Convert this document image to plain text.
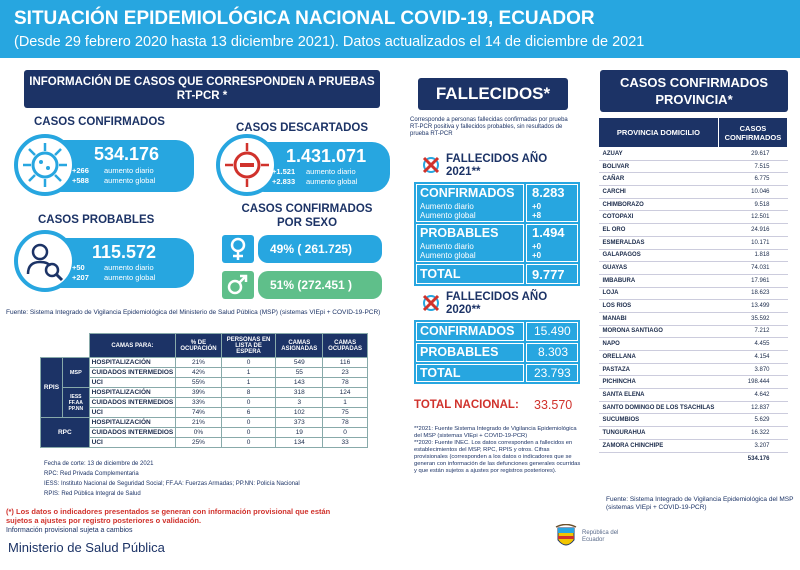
SITUACIÓN EPIDEMIOLÓGICA NACIONAL COVID-19, ECUADOR
(Desde 29 febrero 2020 hasta 13 diciembre 2021). Datos actualizados el 14 de diciembre de 2021
INFORMACIÓN DE CASOS QUE CORRESPONDEN A PRUEBAS RT-PCR *
CASOS CONFIRMADOS
534.176
+266
+588
aumento diario
aumento global
CASOS DESCARTADOS
1.431.071
+1.521
+2.833
aumento diario
aumento global
CASOS PROBABLES
115.572
+50
+207
aumento diario
aumento global
CASOS CONFIRMADOS POR SEXO
49% ( 261.725)
51% (272.451 )
Fuente: Sistema Integrado de Vigilancia Epidemiológica del Ministerio de Salud Pública (MSP) (sistemas VIEpi + COVID-19-PCR)
		CAMAS PARA:	% DE OCUPACIÓN	PERSONAS EN LISTA DE ESPERA	CAMAS ASIGNADAS	CAMAS OCUPADAS
RPIS	MSP	HOSPITALIZACIÓN	21%	0	549	116
		CUIDADOS INTERMEDIOS	42%	1	55	23
		UCI	55%	1	143	78
	IESS FF.AA PP.NN	HOSPITALIZACIÓN	39%	8	318	124
		CUIDADOS INTERMEDIOS	33%	0	3	1
		UCI	74%	6	102	75
RPC		HOSPITALIZACIÓN	21%	0	373	78
		CUIDADOS INTERMEDIOS	0%	0	19	0
		UCI	25%	0	134	33
Fecha de corte: 13 de diciembre de 2021
RPC: Red Privada Complementaria
IESS: Instituto Nacional de Seguridad Social; FF.AA: Fuerzas Armadas; PP.NN: Policía Nacional
RPIS: Red Pública Integral de Salud
(*) Los datos o indicadores presentados se generan con información provisional que están sujetos a ajustes por registro posteriores o validación.
Información provisional sujeta a cambios
Ministerio de Salud Pública
FALLECIDOS*
Corresponde a personas fallecidas confirmadas por prueba RT-PCR positiva y fallecidos probables, sin resultados de prueba RT-PCR
FALLECIDOS AÑO 2021**
CONFIRMADOS 8.283
Aumento diario
Aumento global
+0
+8
PROBABLES	1.494
Aumento diario
Aumento global
+0
+0
TOTAL	9.777
FALLECIDOS AÑO 2020**
CONFIRMADOS 15.490
PROBABLES	8.303
TOTAL	23.793
TOTAL NACIONAL: 33.570
**2021: Fuente Sistema Integrado de Vigilancia Epidemiológica del MSP (sistemas VIEpi + COVID-19-PCR)
**2020: Fuente INEC. Los datos corresponden a fallecidos en establecimientos del MSP, RPC, RPIS y otros. Cifras provisionales (corresponden a los datos o indicadores que se generan con información de las defunciones generales ocurridas y que están sujetos a ajustes por registros posteriores).
República del Ecuador
CASOS CONFIRMADOS PROVINCIA*
PROVINCIA DOMICILIO	CASOS CONFIRMADOS
AZUAY	29.617
BOLIVAR	7.515
CAÑAR	6.775
CARCHI	10.046
CHIMBORAZO	9.518
COTOPAXI	12.501
EL ORO	24.916
ESMERALDAS	10.171
GALAPAGOS	1.818
GUAYAS	74.031
IMBABURA	17.961
LOJA	18.623
LOS RIOS	13.499
MANABI	35.592
MORONA SANTIAGO	7.212
NAPO	4.455
ORELLANA	4.154
PASTAZA	3.870
PICHINCHA	198.444
SANTA ELENA	4.642
SANTO DOMINGO DE LOS TSACHILAS	12.837
SUCUMBIOS	5.629
TUNGURAHUA	16.322
ZAMORA CHINCHIPE	3.207
	534.176
Fuente: Sistema Integrado de Vigilancia Epidemiológica del MSP (sistemas VIEpi + COVID-19-PCR)
